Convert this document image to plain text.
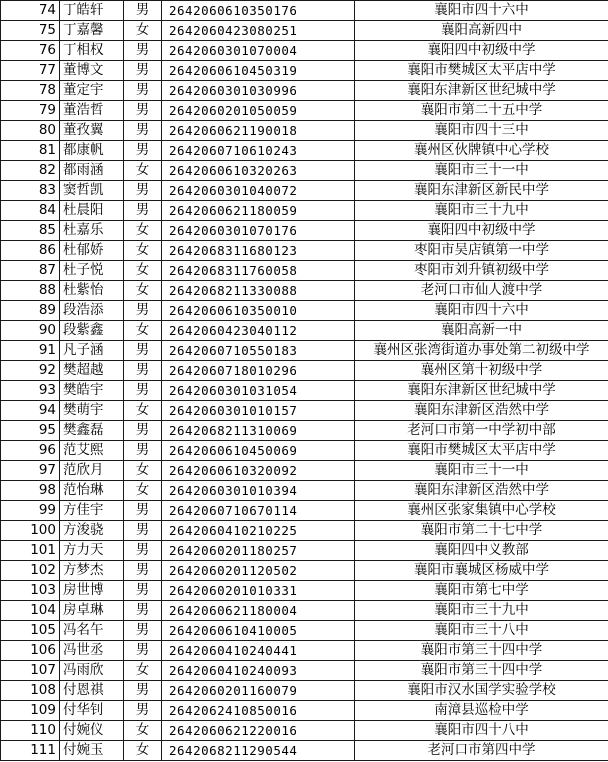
74	丁皓轩	男	2642060610350176	襄阳市四十六中
75	丁嘉馨	女	2642060423080251	襄阳高新四中
76	丁相权	男	2642060301070004	襄阳四中初级中学
77	董博文	男	2642060610450319	襄阳市樊城区太平店中学
78	董定宇	男	2642060301030996	襄阳东津新区世纪城中学
79	董浩哲	男	2642060201050059	襄阳市第二十五中学
80	董孜翼	男	2642060621190018	襄阳市四十三中
81	都康帆	男	2642060710610243	襄州区伙牌镇中心学校
82	都雨涵	女	2642060610320263	襄阳市三十一中
83	窦哲凯	男	2642060301040072	襄阳东津新区新民中学
84	杜晨阳	男	2642060621180059	襄阳市三十九中
85	杜嘉乐	女	2642060301070176	襄阳四中初级中学
86	杜郁娇	女	2642068311680123	枣阳市吴店镇第一中学
87	杜子悦	女	2642068311760058	枣阳市刘升镇初级中学
88	杜紫怡	女	2642068211330088	老河口市仙人渡中学
89	段浩添	男	2642060610350010	襄阳市四十六中
90	段紫鑫	女	2642060423040112	襄阳高新一中
91	凡子涵	男	2642060710550183	襄州区张湾街道办事处第二初级中学
92	樊超越	男	2642060718010296	襄州区第十初级中学
93	樊皓宇	男	2642060301031054	襄阳东津新区世纪城中学
94	樊萌宇	女	2642060301010157	襄阳东津新区浩然中学
95	樊鑫磊	男	2642068211310069	老河口市第一中学初中部
96	范艾熙	男	2642060610450069	襄阳市樊城区太平店中学
97	范欣月	女	2642060610320092	襄阳市三十一中
98	范怡琳	女	2642060301010394	襄阳东津新区浩然中学
99	方佳宇	男	2642060710670114	襄州区张家集镇中心学校
100	方浚骁	男	2642060410210225	襄阳市第二十七中学
101	方力天	男	2642060201180257	襄阳四中义教部
102	方梦杰	男	2642060201120502	襄阳市襄城区杨威中学
103	房世博	男	2642060201010331	襄阳市第七中学
104	房卓琳	男	2642060621180004	襄阳市三十九中
105	冯名午	男	2642060610410005	襄阳市三十八中
106	冯世丞	男	2642060410240441	襄阳市第三十四中学
107	冯雨欣	女	2642060410240093	襄阳市第三十四中学
108	付恩祺	男	2642060201160079	襄阳市汉水国学实验学校
109	付华钊	男	2642062410850016	南漳县巡检中学
110	付婉仪	女	2642060621220016	襄阳市四十八中
111	付婉玉	女	2642068211290544	老河口市第四中学
